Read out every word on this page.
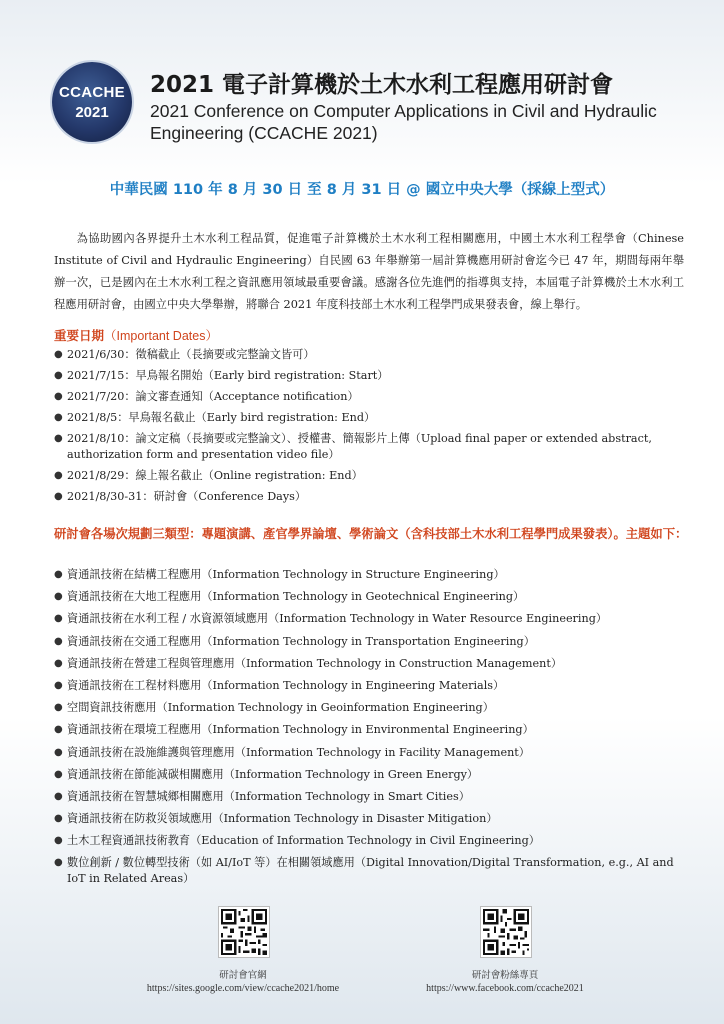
CCACHE
2021
2021 電子計算機於土木水利工程應用研討會
2021 Conference on Computer Applications in Civil and Hydraulic Engineering (CCACHE 2021)
中華民國 110 年 8 月 30 日 至 8 月 31 日 @ 國立中央大學（採線上型式）
為協助國內各界提升土木水利工程品質，促進電子計算機於土木水利工程相關應用，中國土木水利工程學會（Chinese Institute of Civil and Hydraulic Engineering）自民國 63 年舉辦第一屆計算機應用研討會迄今已 47 年，期間每兩年舉辦一次，已是國內在土木水利工程之資訊應用領域最重要會議。感謝各位先進們的指導與支持，本屆電子計算機於土木水利工程應用研討會，由國立中央大學舉辦，將聯合 2021 年度科技部土木水利工程學門成果發表會，線上舉行。
重要日期（Important Dates）
● 2021/6/30：徵稿截止（長摘要或完整論文皆可）
● 2021/7/15：早鳥報名開始（Early bird registration: Start）
● 2021/7/20：論文審查通知（Acceptance notification）
● 2021/8/5：早鳥報名截止（Early bird registration: End）
● 2021/8/10：論文定稿（長摘要或完整論文）、授權書、簡報影片上傳（Upload final paper or extended abstract, authorization form and presentation video file）
● 2021/8/29：線上報名截止（Online registration: End）
● 2021/8/30-31：研討會（Conference Days）
研討會各場次規劃三類型：專題演講、產官學界論壇、學術論文（含科技部土木水利工程學門成果發表）。主題如下：
● 資通訊技術在結構工程應用（Information Technology in Structure Engineering）
● 資通訊技術在大地工程應用（Information Technology in Geotechnical Engineering）
● 資通訊技術在水利工程 / 水資源領域應用（Information Technology in Water Resource Engineering）
● 資通訊技術在交通工程應用（Information Technology in Transportation Engineering）
● 資通訊技術在營建工程與管理應用（Information Technology in Construction Management）
● 資通訊技術在工程材料應用（Information Technology in Engineering Materials）
● 空間資訊技術應用（Information Technology in Geoinformation Engineering）
● 資通訊技術在環境工程應用（Information Technology in Environmental Engineering）
● 資通訊技術在設施維護與管理應用（Information Technology in Facility Management）
● 資通訊技術在節能減碳相關應用（Information Technology in Green Energy）
● 資通訊技術在智慧城鄉相關應用（Information Technology in Smart Cities）
● 資通訊技術在防救災領域應用（Information Technology in Disaster Mitigation）
● 土木工程資通訊技術教育（Education of Information Technology in Civil Engineering）
● 數位創新 / 數位轉型技術（如 AI/IoT 等）在相關領域應用（Digital Innovation/Digital Transformation, e.g., AI and IoT in Related Areas）
研討會官網
https://sites.google.com/view/ccache2021/home
研討會粉絲專頁
https://www.facebook.com/ccache2021
